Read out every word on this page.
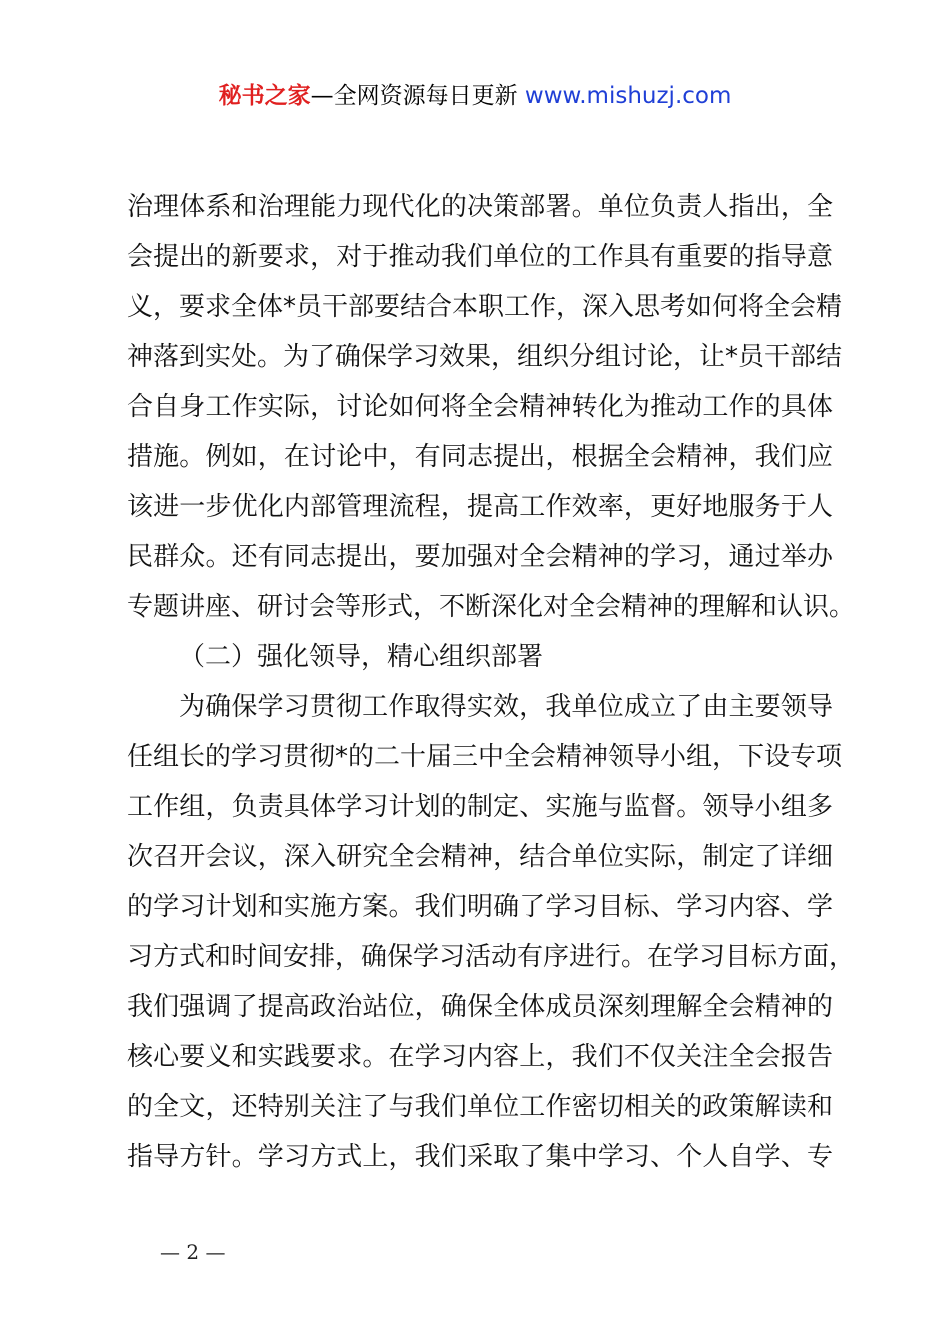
秘书之家—全网资源每日更新 www.mishuzj.com
治理体系和治理能力现代化的决策部署。单位负责人指出，全
会提出的新要求，对于推动我们单位的工作具有重要的指导意
义，要求全体*员干部要结合本职工作，深入思考如何将全会精
神落到实处。为了确保学习效果，组织分组讨论，让*员干部结
合自身工作实际，讨论如何将全会精神转化为推动工作的具体
措施。例如，在讨论中，有同志提出，根据全会精神，我们应
该进一步优化内部管理流程，提高工作效率，更好地服务于人
民群众。还有同志提出，要加强对全会精神的学习，通过举办
专题讲座、研讨会等形式，不断深化对全会精神的理解和认识。
（二）强化领导，精心组织部署
为确保学习贯彻工作取得实效，我单位成立了由主要领导
任组长的学习贯彻*的二十届三中全会精神领导小组，下设专项
工作组，负责具体学习计划的制定、实施与监督。领导小组多
次召开会议，深入研究全会精神，结合单位实际，制定了详细
的学习计划和实施方案。我们明确了学习目标、学习内容、学
习方式和时间安排，确保学习活动有序进行。在学习目标方面，
我们强调了提高政治站位，确保全体成员深刻理解全会精神的
核心要义和实践要求。在学习内容上，我们不仅关注全会报告
的全文，还特别关注了与我们单位工作密切相关的政策解读和
指导方针。学习方式上，我们采取了集中学习、个人自学、专
— 2 —
